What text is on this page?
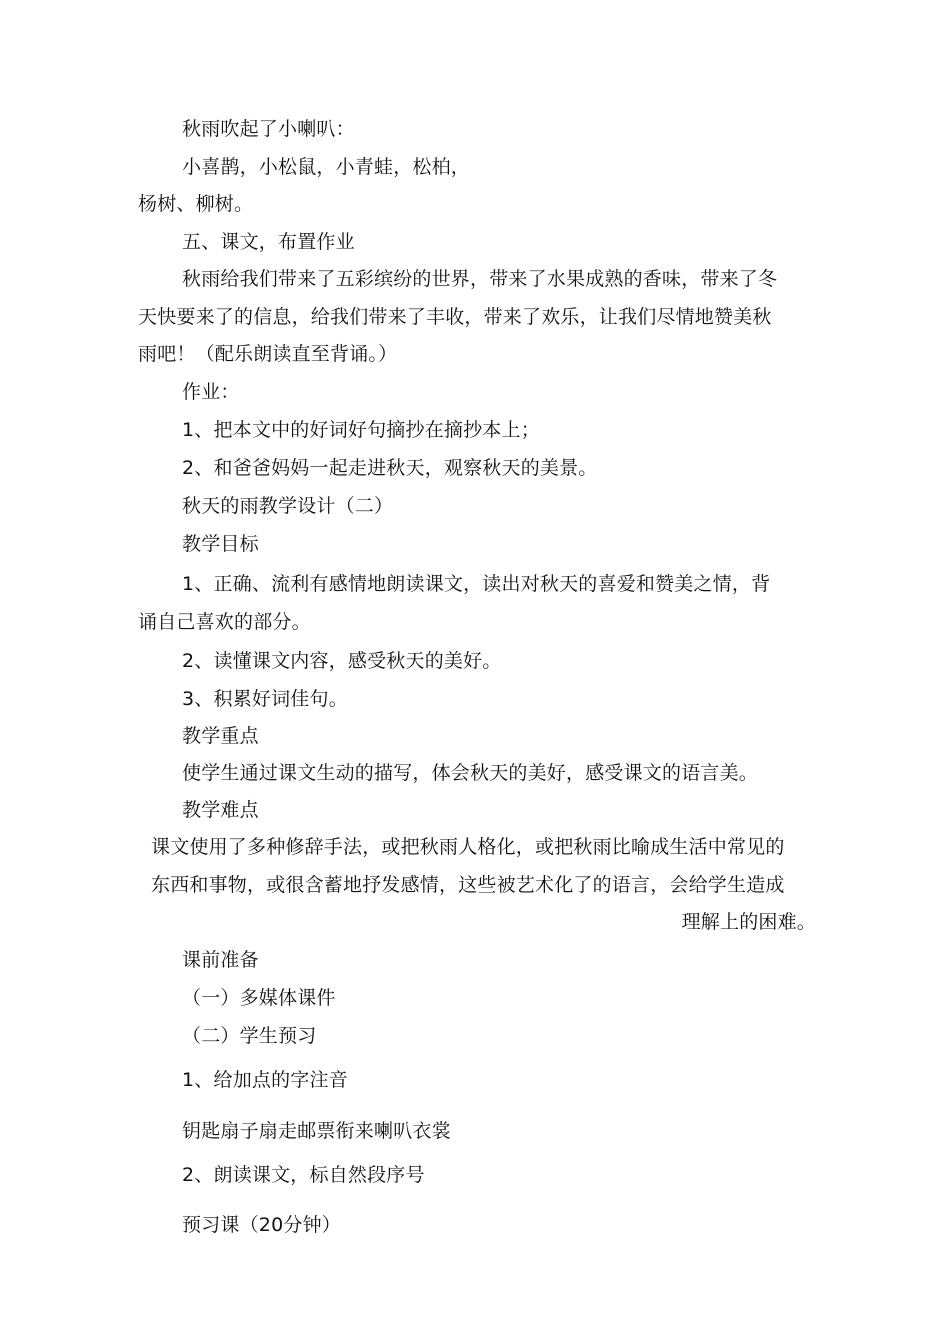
秋雨吹起了小喇叭：
小喜鹊，小松鼠，小青蛙，松柏，
杨树、柳树。
五、课文，布置作业
秋雨给我们带来了五彩缤纷的世界，带来了水果成熟的香味，带来了冬
天快要来了的信息，给我们带来了丰收，带来了欢乐，让我们尽情地赞美秋
雨吧！（配乐朗读直至背诵。）
作业：
1、把本文中的好词好句摘抄在摘抄本上；
2、和爸爸妈妈一起走进秋天，观察秋天的美景。
秋天的雨教学设计（二）
教学目标
1、正确、流利有感情地朗读课文，读出对秋天的喜爱和赞美之情，背
诵自己喜欢的部分。
2、读懂课文内容，感受秋天的美好。
3、积累好词佳句。
教学重点
使学生通过课文生动的描写，体会秋天的美好，感受课文的语言美。
教学难点
课文使用了多种修辞手法，或把秋雨人格化，或把秋雨比喻成生活中常见的
东西和事物，或很含蓄地抒发感情，这些被艺术化了的语言，会给学生造成
理解上的困难。
课前准备
（一）多媒体课件
（二）学生预习
1、给加点的字注音
钥匙扇子扇走邮票衔来喇叭衣裳
2、朗读课文，标自然段序号
预习课（20分钟）
